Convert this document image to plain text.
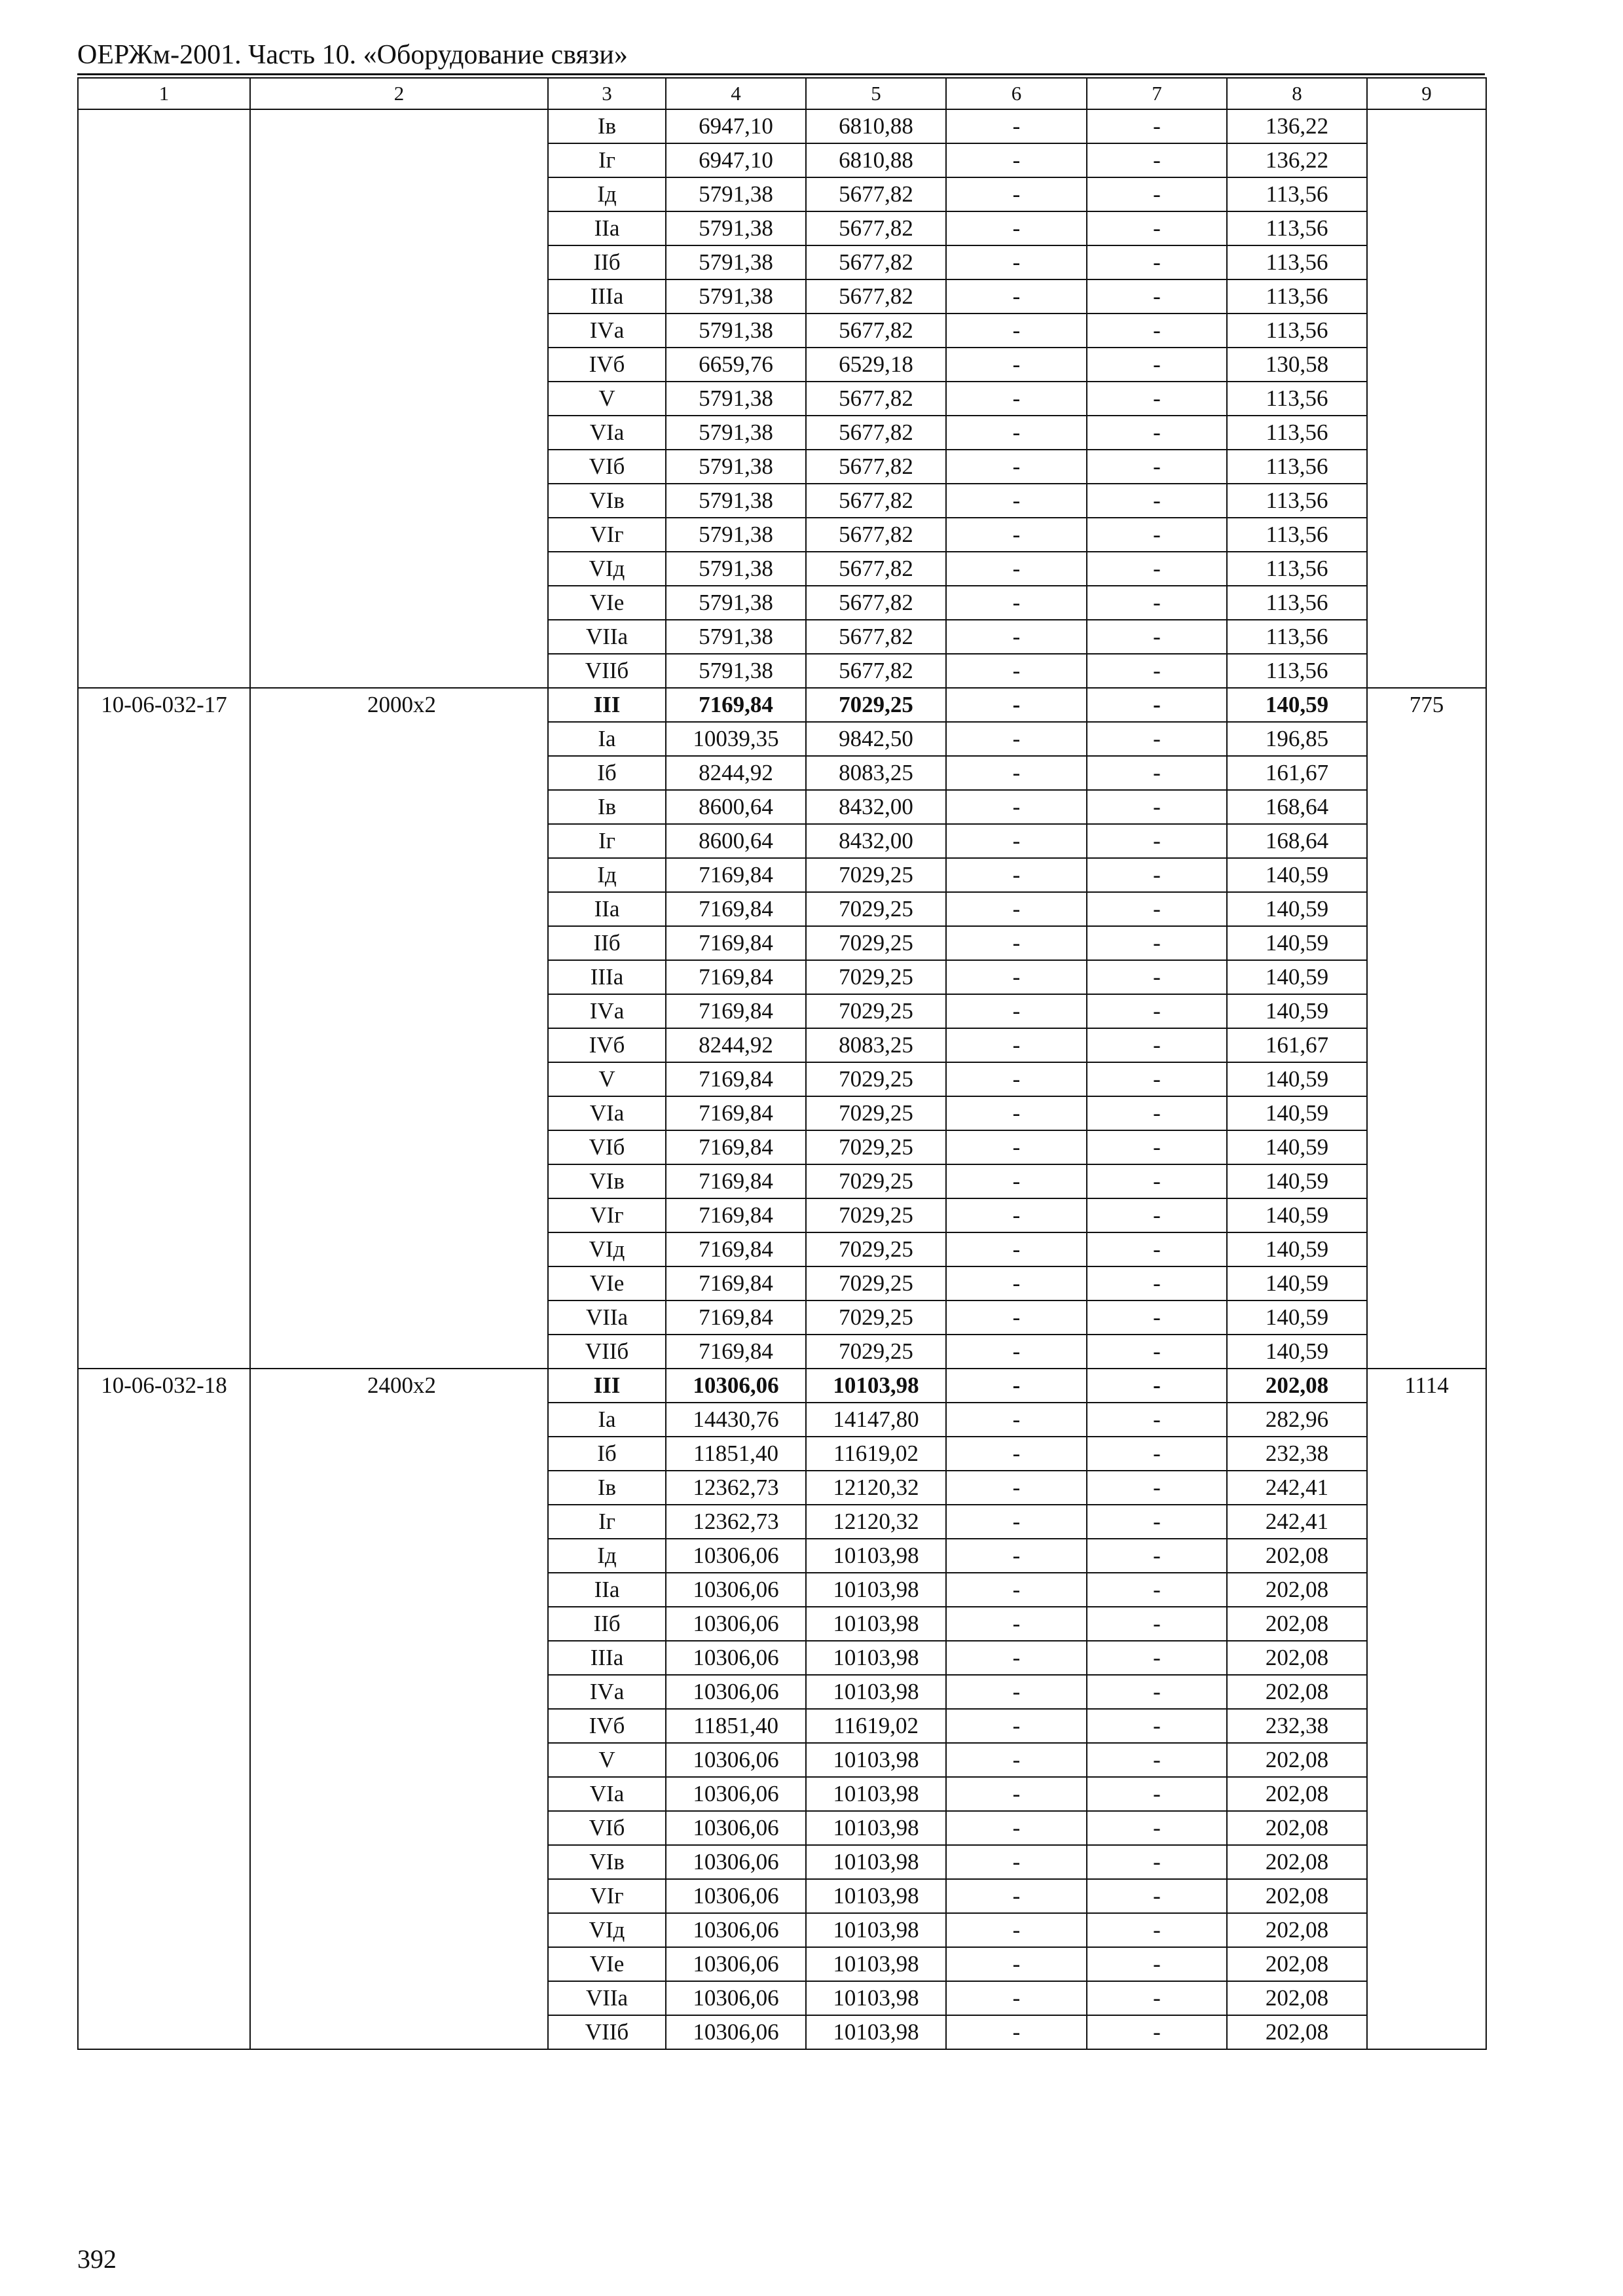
ОЕРЖм-2001. Часть 10. «Оборудование связи»
1	2	3	4	5	6	7	8	9
		Iв	6947,10	6810,88	-	-	136,22	
		Iг	6947,10	6810,88	-	-	136,22	
		Iд	5791,38	5677,82	-	-	113,56	
		IIа	5791,38	5677,82	-	-	113,56	
		IIб	5791,38	5677,82	-	-	113,56	
		IIIа	5791,38	5677,82	-	-	113,56	
		IVа	5791,38	5677,82	-	-	113,56	
		IVб	6659,76	6529,18	-	-	130,58	
		V	5791,38	5677,82	-	-	113,56	
		VIа	5791,38	5677,82	-	-	113,56	
		VIб	5791,38	5677,82	-	-	113,56	
		VIв	5791,38	5677,82	-	-	113,56	
		VIг	5791,38	5677,82	-	-	113,56	
		VIд	5791,38	5677,82	-	-	113,56	
		VIе	5791,38	5677,82	-	-	113,56	
		VIIа	5791,38	5677,82	-	-	113,56	
		VIIб	5791,38	5677,82	-	-	113,56	
10-06-032-17	2000х2	III	7169,84	7029,25	-	-	140,59	775
		Iа	10039,35	9842,50	-	-	196,85	
		Iб	8244,92	8083,25	-	-	161,67	
		Iв	8600,64	8432,00	-	-	168,64	
		Iг	8600,64	8432,00	-	-	168,64	
		Iд	7169,84	7029,25	-	-	140,59	
		IIа	7169,84	7029,25	-	-	140,59	
		IIб	7169,84	7029,25	-	-	140,59	
		IIIа	7169,84	7029,25	-	-	140,59	
		IVа	7169,84	7029,25	-	-	140,59	
		IVб	8244,92	8083,25	-	-	161,67	
		V	7169,84	7029,25	-	-	140,59	
		VIа	7169,84	7029,25	-	-	140,59	
		VIб	7169,84	7029,25	-	-	140,59	
		VIв	7169,84	7029,25	-	-	140,59	
		VIг	7169,84	7029,25	-	-	140,59	
		VIд	7169,84	7029,25	-	-	140,59	
		VIе	7169,84	7029,25	-	-	140,59	
		VIIа	7169,84	7029,25	-	-	140,59	
		VIIб	7169,84	7029,25	-	-	140,59	
10-06-032-18	2400х2	III	10306,06	10103,98	-	-	202,08	1114
		Iа	14430,76	14147,80	-	-	282,96	
		Iб	11851,40	11619,02	-	-	232,38	
		Iв	12362,73	12120,32	-	-	242,41	
		Iг	12362,73	12120,32	-	-	242,41	
		Iд	10306,06	10103,98	-	-	202,08	
		IIа	10306,06	10103,98	-	-	202,08	
		IIб	10306,06	10103,98	-	-	202,08	
		IIIа	10306,06	10103,98	-	-	202,08	
		IVа	10306,06	10103,98	-	-	202,08	
		IVб	11851,40	11619,02	-	-	232,38	
		V	10306,06	10103,98	-	-	202,08	
		VIа	10306,06	10103,98	-	-	202,08	
		VIб	10306,06	10103,98	-	-	202,08	
		VIв	10306,06	10103,98	-	-	202,08	
		VIг	10306,06	10103,98	-	-	202,08	
		VIд	10306,06	10103,98	-	-	202,08	
		VIе	10306,06	10103,98	-	-	202,08	
		VIIа	10306,06	10103,98	-	-	202,08	
		VIIб	10306,06	10103,98	-	-	202,08	
392
